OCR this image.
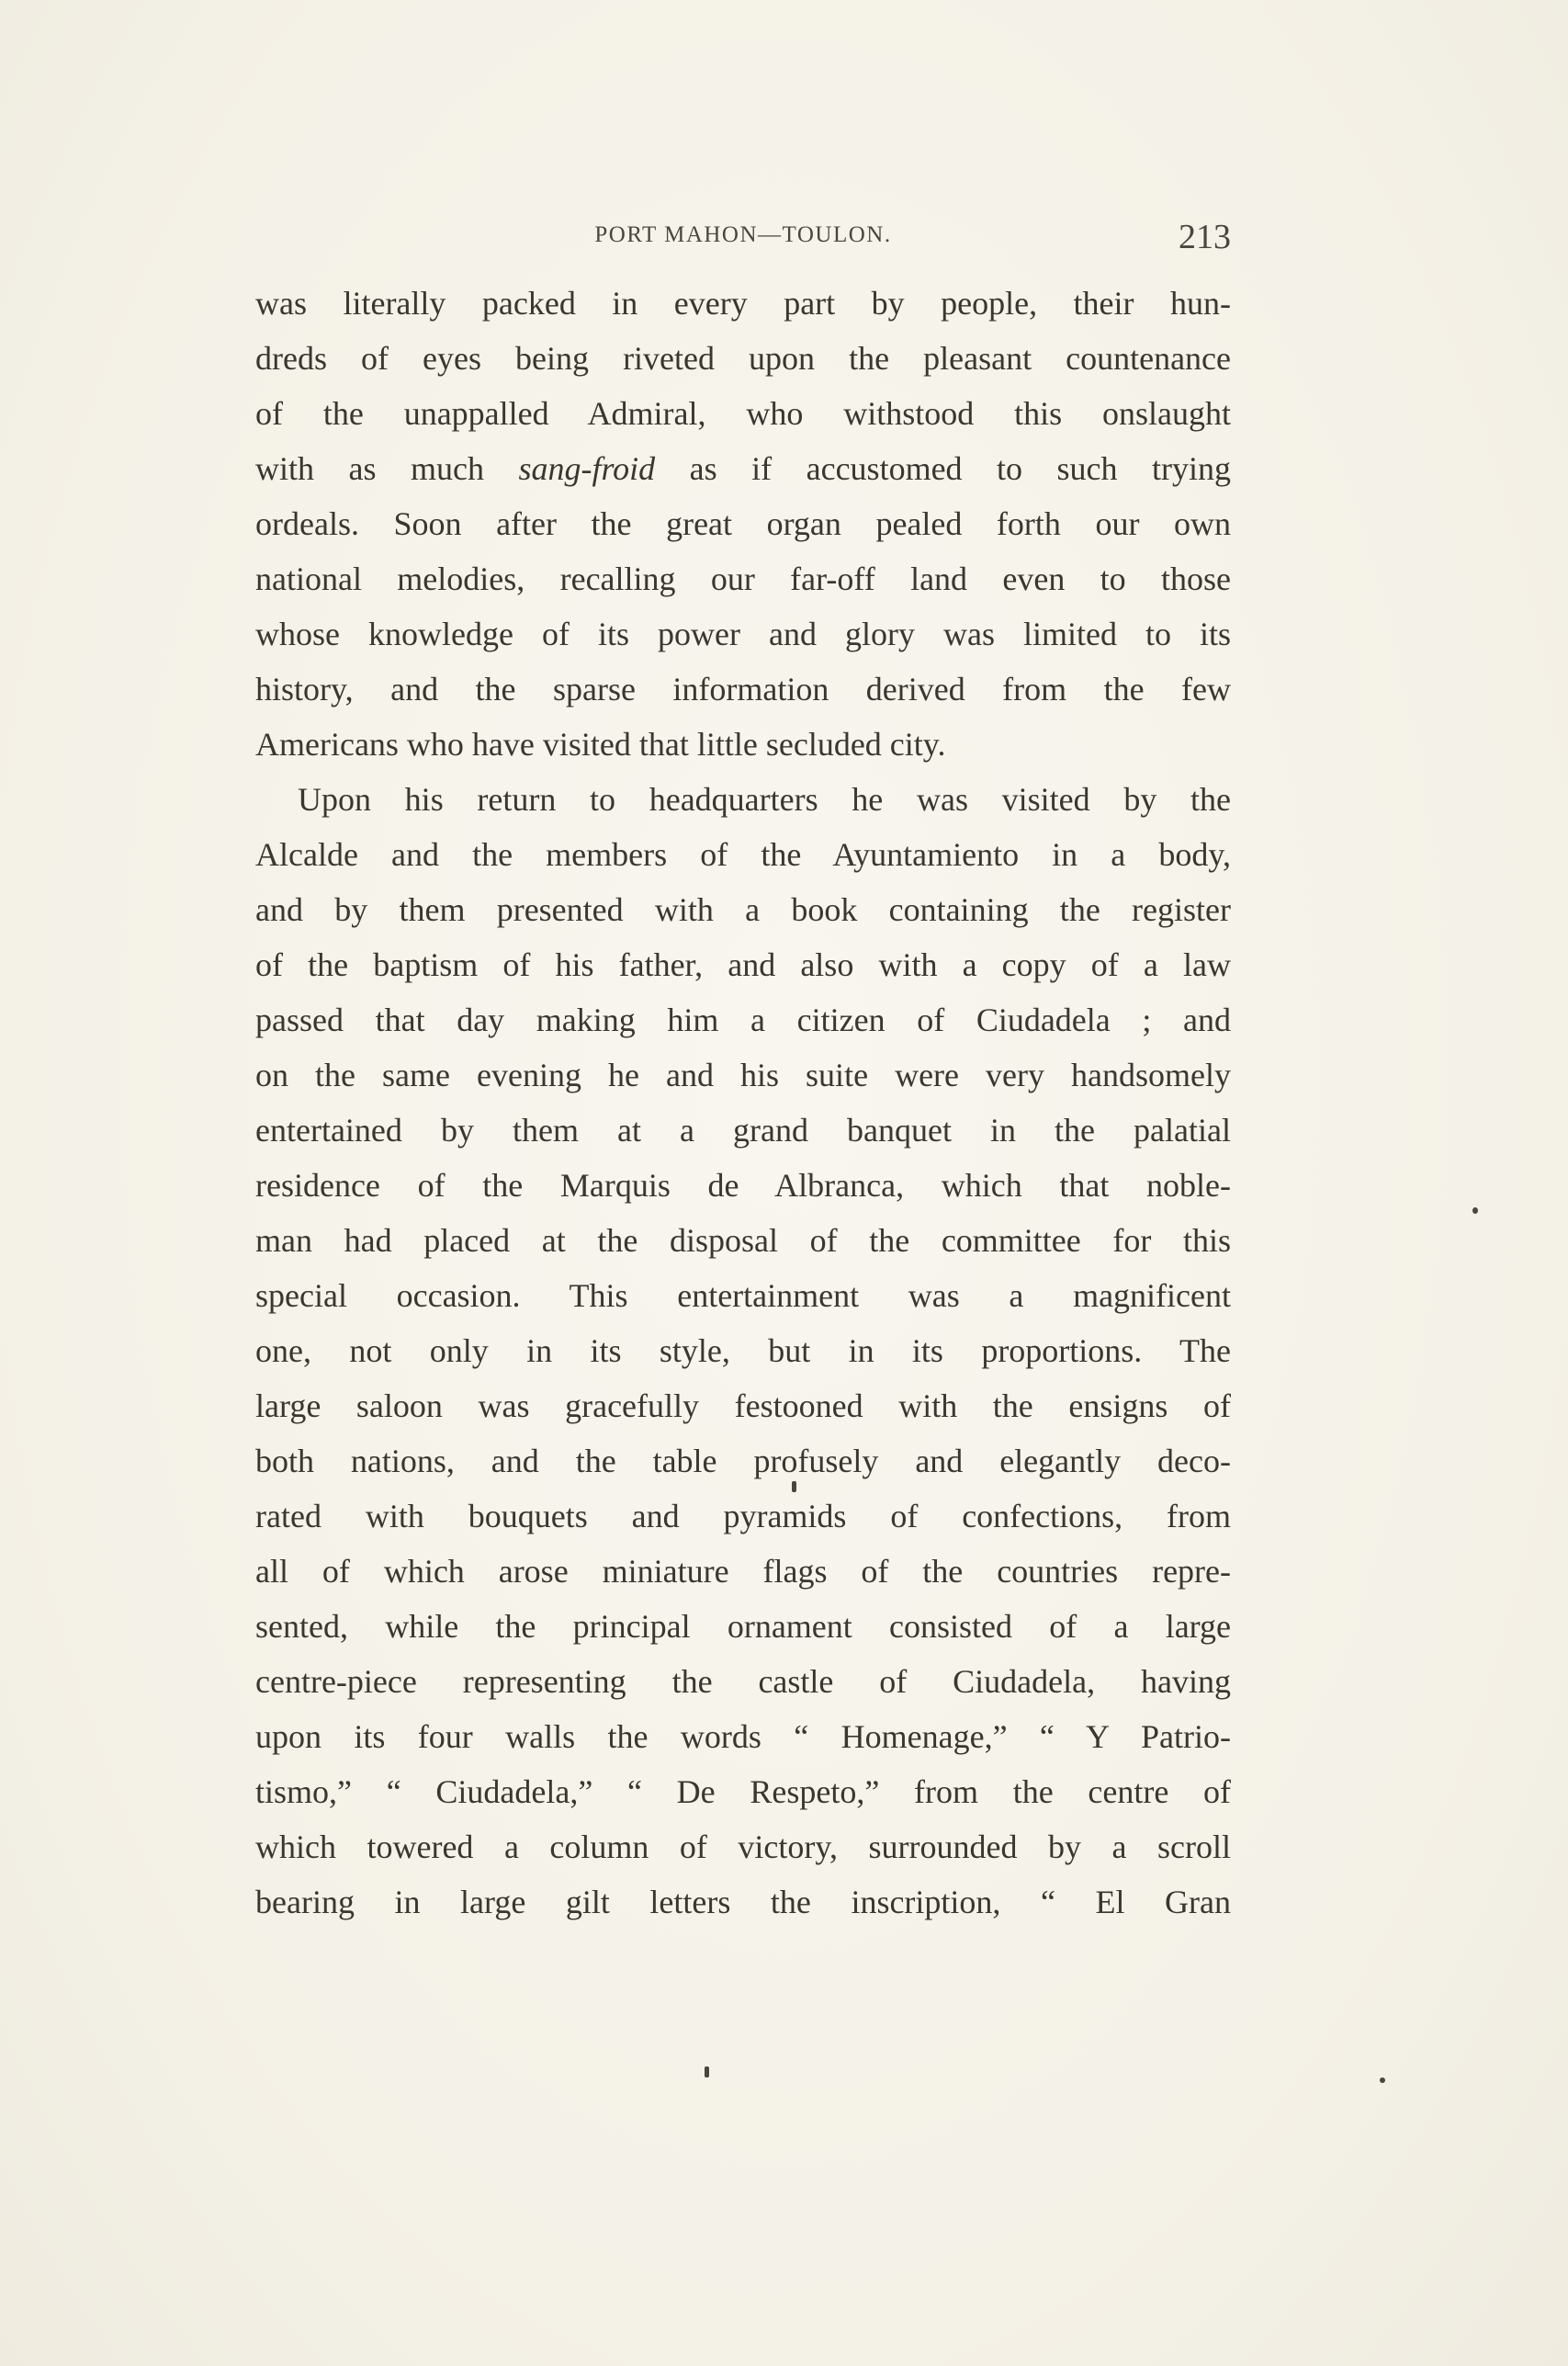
PORT MAHON—TOULON.	213
was literally packed in every part by people, their hun-
dreds of eyes being riveted upon the pleasant countenance
of the unappalled Admiral, who withstood this onslaught
with as much sang-froid as if accustomed to such trying
ordeals. Soon after the great organ pealed forth our own
national melodies, recalling our far-off land even to those
whose knowledge of its power and glory was limited to its
history, and the sparse information derived from the few
Americans who have visited that little secluded city.
Upon his return to headquarters he was visited by the
Alcalde and the members of the Ayuntamiento in a body,
and by them presented with a book containing the register
of the baptism of his father, and also with a copy of a law
passed that day making him a citizen of Ciudadela ; and
on the same evening he and his suite were very handsomely
entertained by them at a grand banquet in the palatial
residence of the Marquis de Albranca, which that noble-
man had placed at the disposal of the committee for this
special occasion. This entertainment was a magnificent
one, not only in its style, but in its proportions. The
large saloon was gracefully festooned with the ensigns of
both nations, and the table profusely and elegantly deco-
rated with bouquets and pyramids of confections, from
all of which arose miniature flags of the countries repre-
sented, while the principal ornament consisted of a large
centre-piece representing the castle of Ciudadela, having
upon its four walls the words “ Homenage,” “ Y Patrio-
tismo,” “ Ciudadela,” “ De Respeto,” from the centre of
which towered a column of victory, surrounded by a scroll
bearing in large gilt letters the inscription, “ El Gran
